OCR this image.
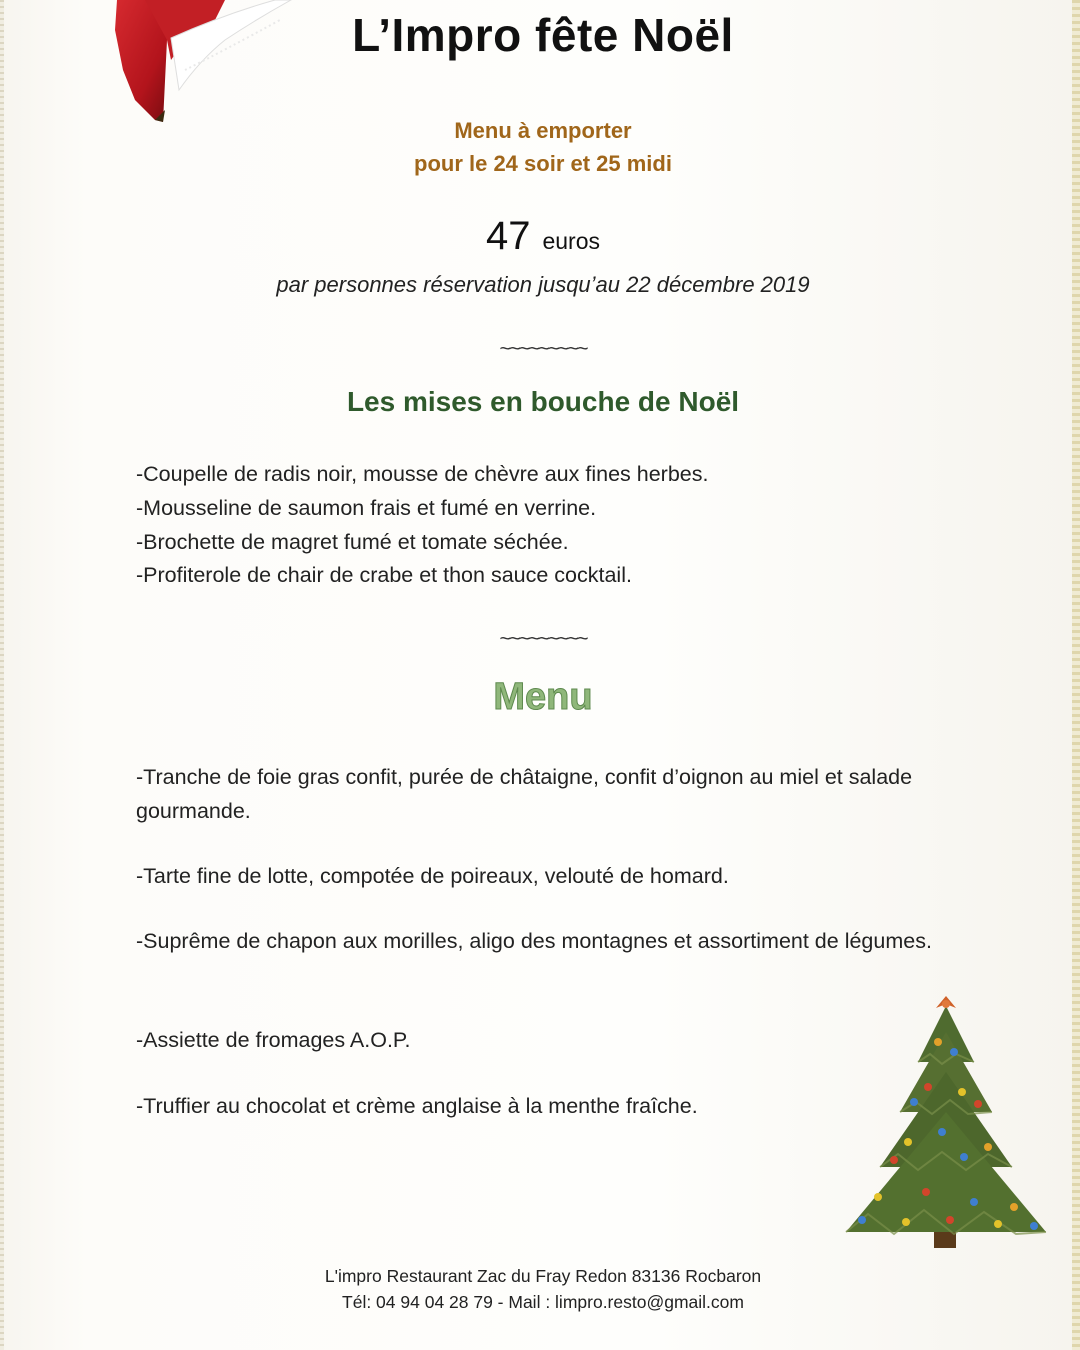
L’Impro fête Noël
Menu à emporter
pour le 24 soir et 25 midi
47 euros
par personnes réservation jusqu’au 22 décembre 2019
~~~~~~~~~
Les mises en bouche de Noël
-Coupelle de radis noir, mousse de chèvre aux fines herbes.
-Mousseline de saumon frais et fumé en verrine.
-Brochette de magret fumé et tomate séchée.
-Profiterole de chair de crabe et thon sauce cocktail.
~~~~~~~~~
Menu
-Tranche de foie gras confit, purée de châtaigne, confit d’oignon au miel et salade gourmande.
-Tarte fine de lotte, compotée de poireaux, velouté de homard.
-Suprême de chapon aux morilles, aligo des montagnes et assortiment de légumes.
-Assiette de fromages A.O.P.
-Truffier au chocolat et crème anglaise à la menthe fraîche.
L'impro Restaurant Zac du Fray Redon 83136 Rocbaron
Tél: 04 94 04 28 79 - Mail : limpro.resto@gmail.com
